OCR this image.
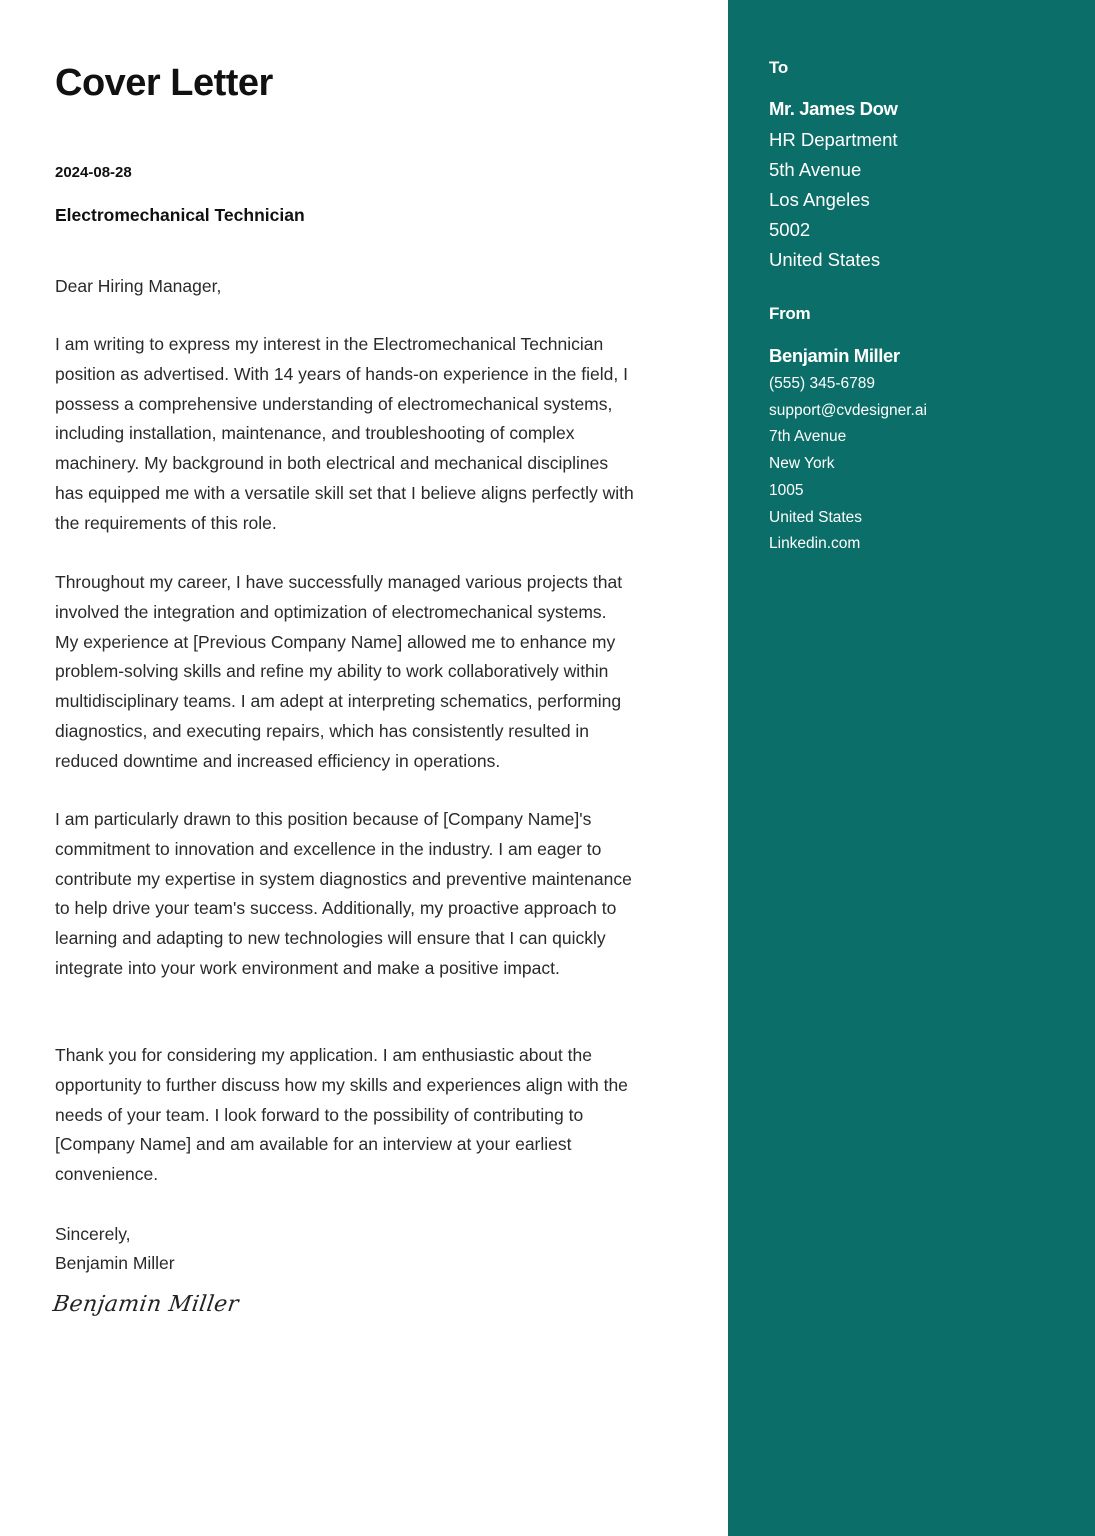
Cover Letter
2024-08-28
Electromechanical Technician

Dear Hiring Manager,

I am writing to express my interest in the Electromechanical Technician
position as advertised. With 14 years of hands-on experience in the field, I
possess a comprehensive understanding of electromechanical systems,
including installation, maintenance, and troubleshooting of complex
machinery. My background in both electrical and mechanical disciplines
has equipped me with a versatile skill set that I believe aligns perfectly with
the requirements of this role.

Throughout my career, I have successfully managed various projects that
involved the integration and optimization of electromechanical systems.
My experience at [Previous Company Name] allowed me to enhance my
problem-solving skills and refine my ability to work collaboratively within
multidisciplinary teams. I am adept at interpreting schematics, performing
diagnostics, and executing repairs, which has consistently resulted in
reduced downtime and increased efficiency in operations.

I am particularly drawn to this position because of [Company Name]'s
commitment to innovation and excellence in the industry. I am eager to
contribute my expertise in system diagnostics and preventive maintenance
to help drive your team's success. Additionally, my proactive approach to
learning and adapting to new technologies will ensure that I can quickly
integrate into your work environment and make a positive impact.

Thank you for considering my application. I am enthusiastic about the
opportunity to further discuss how my skills and experiences align with the
needs of your team. I look forward to the possibility of contributing to
[Company Name] and am available for an interview at your earliest
convenience.

Sincerely,

Benjamin Miller

Benjamin Miller
To
Mr. James Dow
HR Department
5th Avenue
Los Angeles
5002
United States
From
Benjamin Miller
(555) 345-6789
support@cvdesigner.ai
7th Avenue
New York
1005
United States
Linkedin.com
